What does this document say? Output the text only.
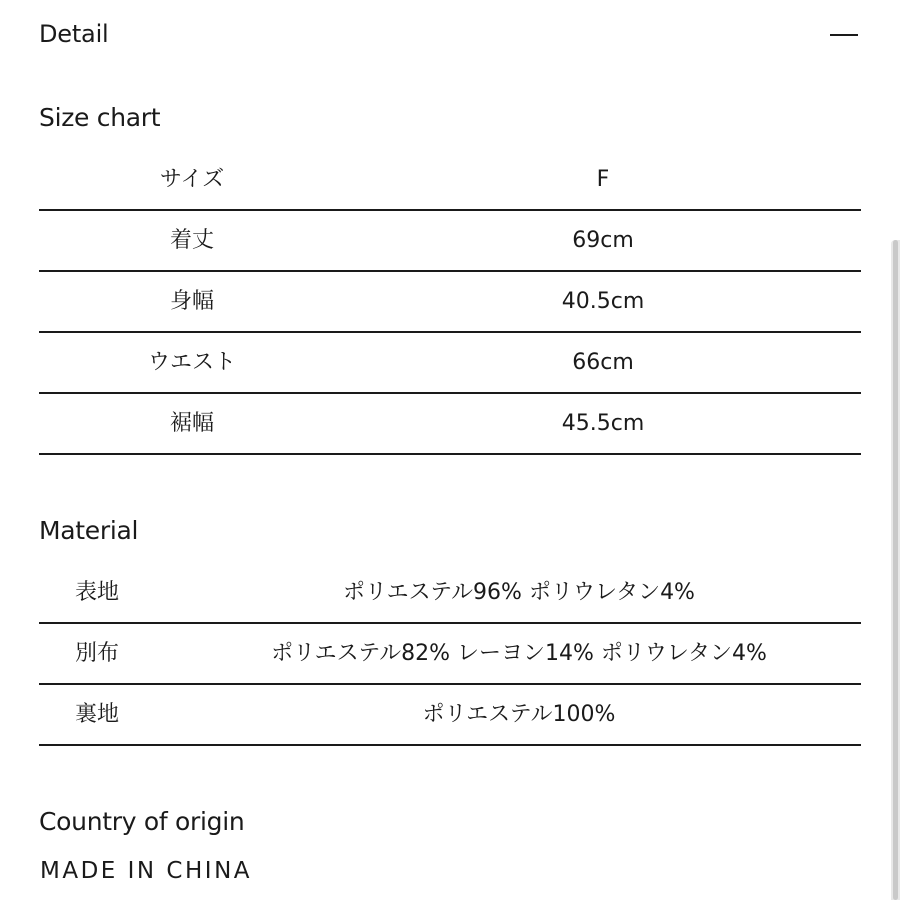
Detail
Size chart
サイズ	F
着丈	69cm
身幅	40.5cm
ウエスト	66cm
裾幅	45.5cm
Material
表地	ポリエステル96% ポリウレタン4%
別布	ポリエステル82% レーヨン14% ポリウレタン4%
裏地	ポリエステル100%
Country of origin
MADE IN CHINA
